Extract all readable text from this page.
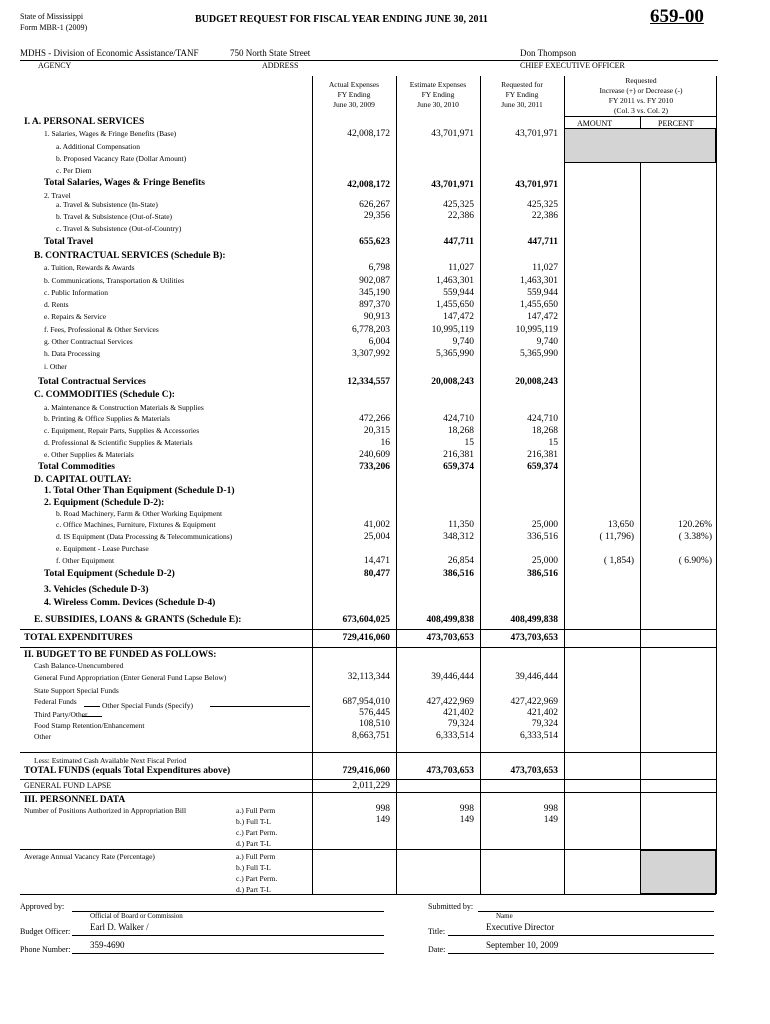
State of Mississippi
Form MBR-1 (2009)
BUDGET REQUEST FOR FISCAL YEAR ENDING JUNE 30, 2011	659-00
MDHS - Division of Economic Assistance/TANF	750 North State Street	Don Thompson
AGENCY	ADDRESS	CHIEF EXECUTIVE OFFICER
Actual Expenses
FY Ending
June 30, 2009
Estimate Expenses
FY Ending
June 30, 2010
Requested for
FY Ending
June 30, 2011
Requested
Increase (+) or Decrease (-)
FY 2011 vs. FY 2010
(Col. 3 vs. Col. 2)
AMOUNT	PERCENT
I. A. PERSONAL SERVICES
1. Salaries, Wages & Fringe Benefits (Base)	42,008,172	43,701,971	43,701,971
a. Additional Compensation
b. Proposed Vacancy Rate (Dollar Amount)
c. Per Diem
Total Salaries, Wages & Fringe Benefits	42,008,172	43,701,971	43,701,971
2. Travel
a. Travel & Subsistence (In-State)	626,267	425,325	425,325
b. Travel & Subsistence (Out-of-State)	29,356	22,386	22,386
c. Travel & Subsistence (Out-of-Country)
Total Travel	655,623	447,711	447,711
B. CONTRACTUAL SERVICES (Schedule B):
a. Tuition, Rewards & Awards	6,798	11,027	11,027
b. Communications, Transportation & Utilities	902,087	1,463,301	1,463,301
c. Public Information	345,190	559,944	559,944
d. Rents	897,370	1,455,650	1,455,650
e. Repairs & Service	90,913	147,472	147,472
f. Fees, Professional & Other Services	6,778,203	10,995,119	10,995,119
g. Other Contractual Services	6,004	9,740	9,740
h. Data Processing	3,307,992	5,365,990	5,365,990
i. Other
Total Contractual Services	12,334,557	20,008,243	20,008,243
C. COMMODITIES (Schedule C):
a. Maintenance & Construction Materials & Supplies
b. Printing & Office Supplies & Materials	472,266	424,710	424,710
c. Equipment, Repair Parts, Supplies & Accessories	20,315	18,268	18,268
d. Professional & Scientific Supplies & Materials	16	15	15
e. Other Supplies & Materials	240,609	216,381	216,381
Total Commodities	733,206	659,374	659,374
D. CAPITAL OUTLAY:
1. Total Other Than Equipment (Schedule D-1)
2. Equipment (Schedule D-2):
b. Road Machinery, Farm & Other Working Equipment
c. Office Machines, Furniture, Fixtures & Equipment	41,002	11,350	25,000	13,650	120.26%
d. IS Equipment (Data Processing & Telecommunications)	25,004	348,312	336,516	( 11,796)	( 3.38%)
e. Equipment - Lease Purchase
f. Other Equipment	14,471	26,854	25,000	( 1,854)	( 6.90%)
Total Equipment (Schedule D-2)	80,477	386,516	386,516
3. Vehicles (Schedule D-3)
4. Wireless Comm. Devices (Schedule D-4)
E. SUBSIDIES, LOANS & GRANTS (Schedule E):	673,604,025	408,499,838	408,499,838
TOTAL EXPENDITURES	729,416,060	473,703,653	473,703,653
II. BUDGET TO BE FUNDED AS FOLLOWS:
Cash Balance-Unencumbered
General Fund Appropriation (Enter General Fund Lapse Below)	32,113,344	39,446,444	39,446,444
State Support Special Funds
Federal Funds	687,954,010	427,422,969	427,422,969
Other Special Funds (Specify)
Third Party/Other	576,445	421,402	421,402
Food Stamp Retention/Enhancement	108,510	79,324	79,324
Other	8,663,751	6,333,514	6,333,514
Less: Estimated Cash Available Next Fiscal Period
TOTAL FUNDS (equals Total Expenditures above)	729,416,060	473,703,653	473,703,653
GENERAL FUND LAPSE	2,011,229
III. PERSONNEL DATA
Number of Positions Authorized in Appropriation Bill	a.) Full Perm	998	998	998
b.) Full T-L	149	149	149
c.) Part Perm.
d.) Part T-L
Average Annual Vacancy Rate (Percentage)	a.) Full Perm
b.) Full T-L
c.) Part Perm.
d.) Part T-L
Approved by:
Official of Board or Commission
Budget Officer: Earl D. Walker /
Phone Number: 359-4690
Submitted by:
Name
Title:	Executive Director
Date:	September 10, 2009
